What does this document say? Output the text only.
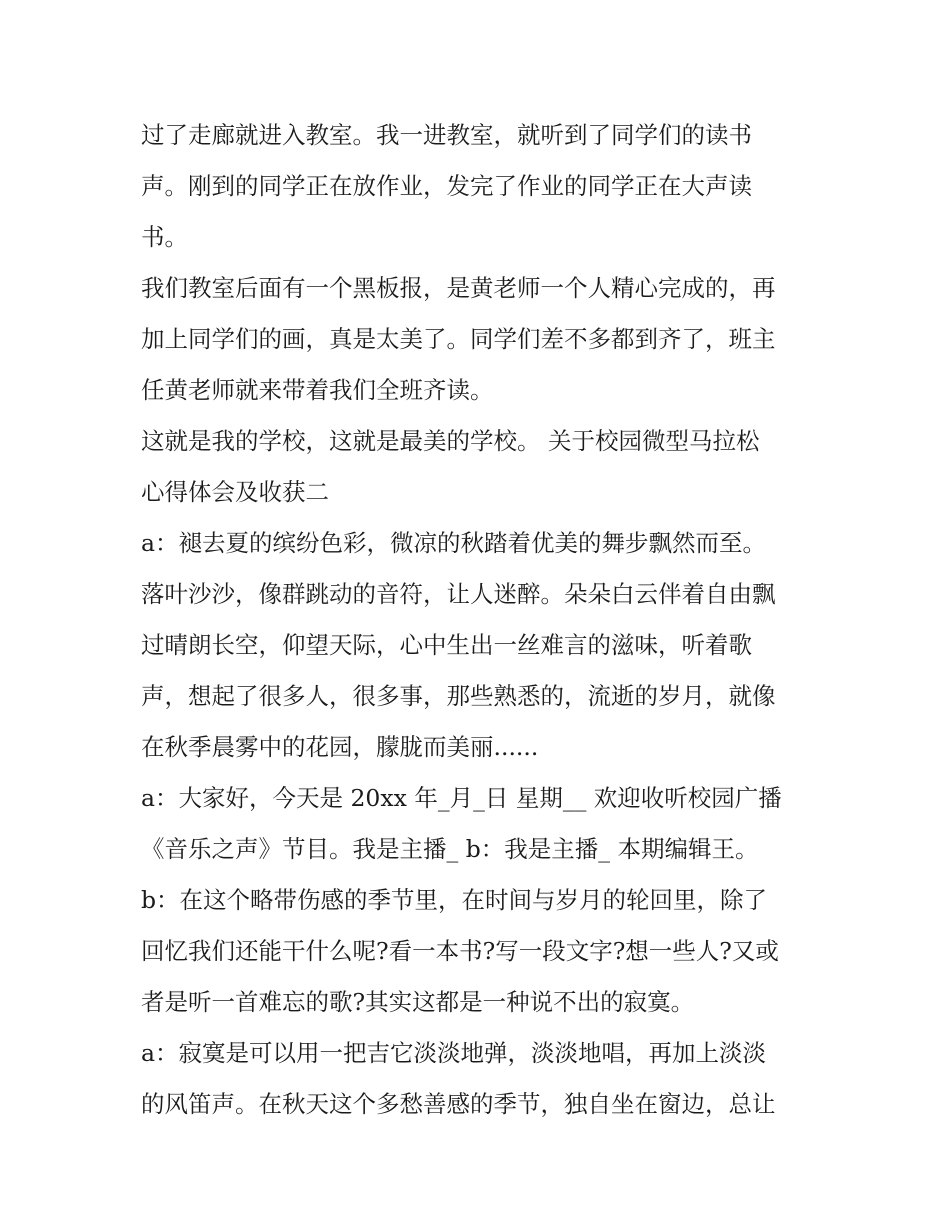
过了走廊就进入教室。我一进教室，就听到了同学们的读书
声。刚到的同学正在放作业，发完了作业的同学正在大声读
书。
我们教室后面有一个黑板报，是黄老师一个人精心完成的，再
加上同学们的画，真是太美了。同学们差不多都到齐了，班主
任黄老师就来带着我们全班齐读。
这就是我的学校，这就是最美的学校。 关于校园微型马拉松
心得体会及收获二
a：褪去夏的缤纷色彩，微凉的秋踏着优美的舞步飘然而至。
落叶沙沙，像群跳动的音符，让人迷醉。朵朵白云伴着自由飘
过晴朗长空，仰望天际，心中生出一丝难言的滋味，听着歌
声，想起了很多人，很多事，那些熟悉的，流逝的岁月，就像
在秋季晨雾中的花园，朦胧而美丽......
a：大家好，今天是 20xx 年_月_日 星期__ 欢迎收听校园广播
《音乐之声》节目。我是主播_ b：我是主播_ 本期编辑王。
b：在这个略带伤感的季节里，在时间与岁月的轮回里，除了
回忆我们还能干什么呢?看一本书?写一段文字?想一些人?又或
者是听一首难忘的歌?其实这都是一种说不出的寂寞。
a：寂寞是可以用一把吉它淡淡地弹，淡淡地唱，再加上淡淡
的风笛声。在秋天这个多愁善感的季节，独自坐在窗边，总让
